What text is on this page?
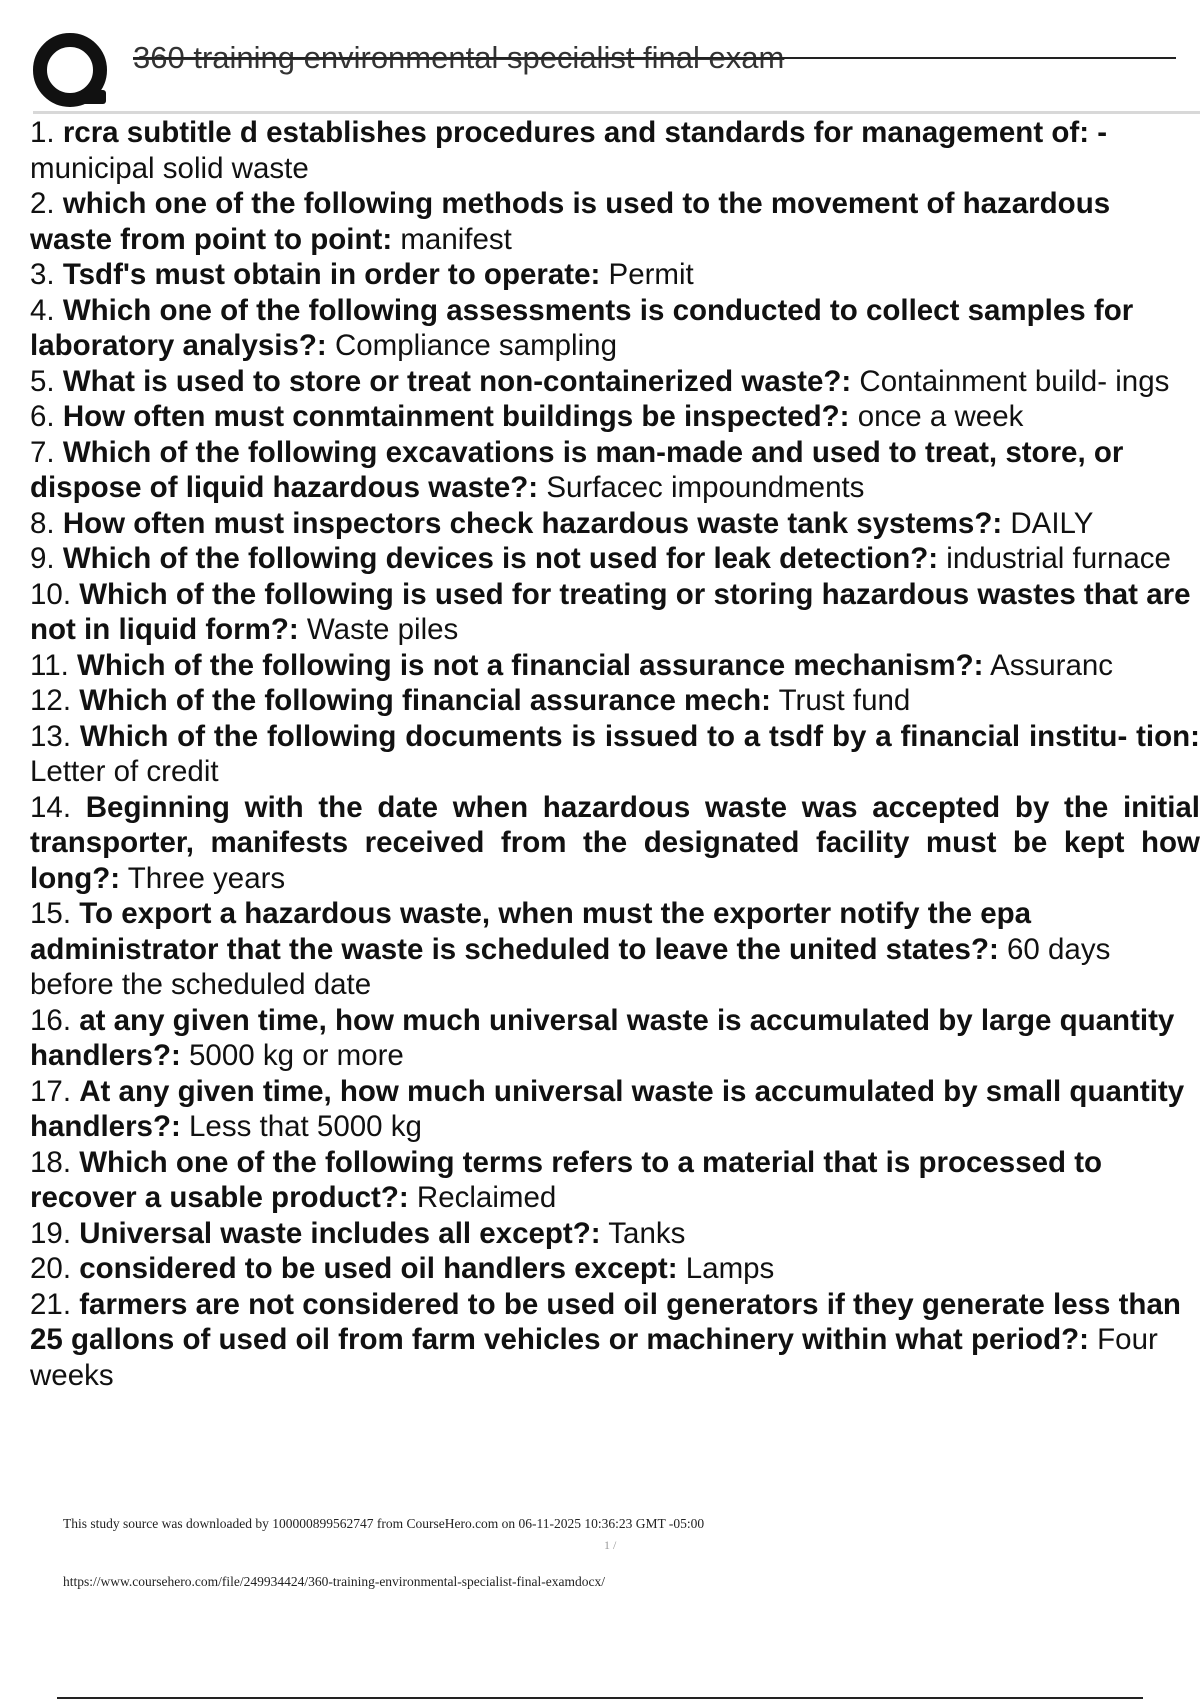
360 training environmental specialist final exam
1. rcra subtitle d establishes procedures and standards for management of: - municipal solid waste
2. which one of the following methods is used to the movement of hazardous waste from point to point: manifest
3. Tsdf's must obtain in order to operate: Permit
4. Which one of the following assessments is conducted to collect samples for laboratory analysis?: Compliance sampling
5. What is used to store or treat non-containerized waste?: Containment build- ings
6. How often must conmtainment buildings be inspected?: once a week
7. Which of the following excavations is man-made and used to treat, store, or dispose of liquid hazardous waste?: Surfacec impoundments
8. How often must inspectors check hazardous waste tank systems?: DAILY
9. Which of the following devices is not used for leak detection?: industrial furnace
10. Which of the following is used for treating or storing hazardous wastes that are not in liquid form?: Waste piles
11. Which of the following is not a financial assurance mechanism?: Assuranc
12. Which of the following financial assurance mech: Trust fund
13. Which of the following documents is issued to a tsdf by a financial institu- tion: Letter of credit
14. Beginning with the date when hazardous waste was accepted by the initial transporter, manifests received from the designated facility must be kept how long?: Three years
15. To export a hazardous waste, when must the exporter notify the epa administrator that the waste is scheduled to leave the united states?: 60 days before the scheduled date
16. at any given time, how much universal waste is accumulated by large quantity handlers?: 5000 kg or more
17. At any given time, how much universal waste is accumulated by small quantity handlers?: Less that 5000 kg
18. Which one of the following terms refers to a material that is processed to recover a usable product?: Reclaimed
19. Universal waste includes all except?: Tanks
20. considered to be used oil handlers except: Lamps
21. farmers are not considered to be used oil generators if they generate less than 25 gallons of used oil from farm vehicles or machinery within what period?: Four weeks
This study source was downloaded by 100000899562747 from CourseHero.com on 06-11-2025 10:36:23 GMT -05:00
1 /
https://www.coursehero.com/file/249934424/360-training-environmental-specialist-final-examdocx/
